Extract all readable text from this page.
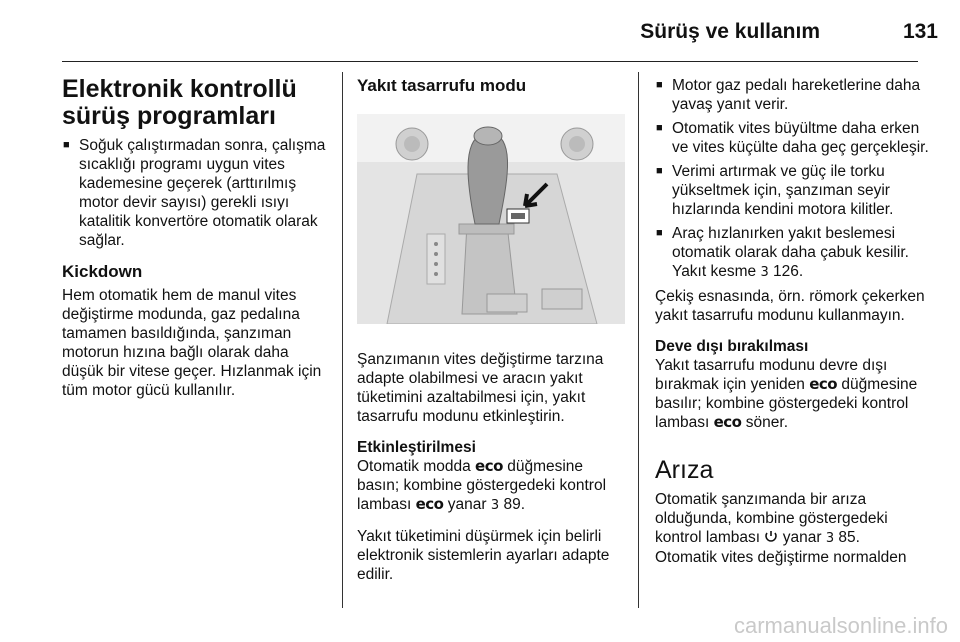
Sürüş ve kullanım	131
Elektronik kontrollü sürüş programları
■ Soğuk çalıştırmadan sonra, çalışma sıcaklığı programı uygun vites kademesine geçerek (arttırılmış motor devir sayısı) gerekli ısıyı katalitik konvertöre otomatik olarak sağlar.
Kickdown

Hem otomatik hem de manul vites değiştirme modunda, gaz pedalına tamamen basıldığında, şanzıman motorun hızına bağlı olarak daha düşük bir vitese geçer. Hızlanmak için tüm motor gücü kullanılır.

Yakıt tasarrufu modu

Şanzımanın vites değiştirme tarzına adapte olabilmesi ve aracın yakıt tüketimini azaltabilmesi için, yakıt tasarrufu modunu etkinleştirin.

Etkinleştirilmesi

Otomatik modda eco düğmesine basın; kombine göstergedeki kontrol lambası eco yanar 3 89.

Yakıt tüketimini düşürmek için belirli elektronik sistemlerin ayarları adapte edilir.

■ Motor gaz pedalı hareketlerine daha yavaş yanıt verir.
■ Otomatik vites büyültme daha erken ve vites küçülte daha geç gerçekleşir.
■ Verimi artırmak ve güç ile torku yükseltmek için, şanzıman seyir hızlarında kendini motora kilitler.
■ Araç hızlanırken yakıt beslemesi otomatik olarak daha çabuk kesilir. Yakıt kesme 3 126.

Çekiş esnasında, örn. römork çekerken yakıt tasarrufu modunu kullanmayın.

Deve dışı bırakılması

Yakıt tasarrufu modunu devre dışı bırakmak için yeniden eco düğmesine basılır; kombine göstergedeki kontrol lambası eco söner.

Arıza

Otomatik şanzımanda bir arıza olduğunda, kombine göstergedeki kontrol lambası yanar 3 85.
Otomatik vites değiştirme normalden

carmanualsonline.info
